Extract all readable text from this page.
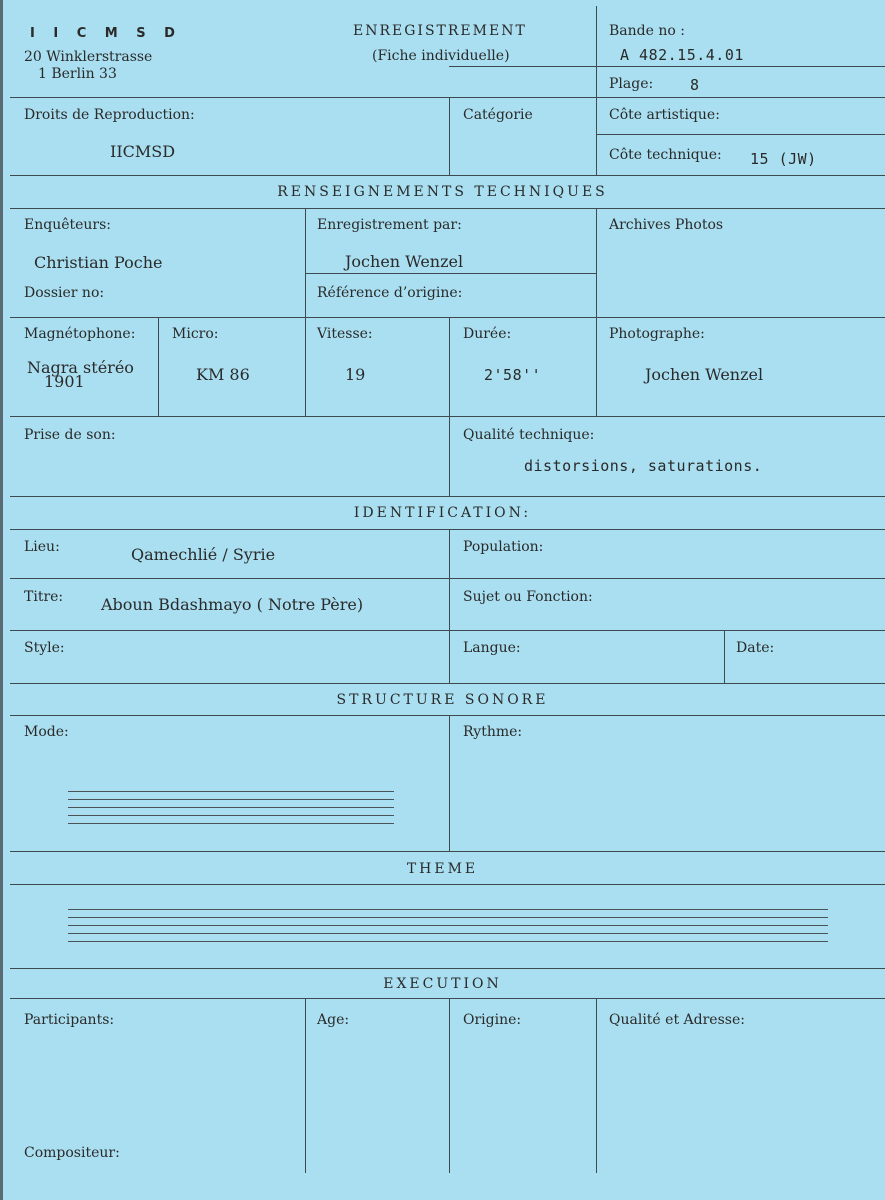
I I C M S D
20 Winklerstrasse
1 Berlin 33
ENREGISTREMENT
(Fiche individuelle)
Bande no :
A 482.15.4.01
Plage: 8
Droits de Reproduction:
IICMSD
Catégorie	Côte artistique:
Côte technique: 15 (JW)
RENSEIGNEMENTS TECHNIQUES
Enquêteurs:
Christian Poche
Dossier no:
Enregistrement par:
Jochen Wenzel
Référence d’origine:
Archives Photos
Magnétophone:
Nagra stéréo
1901
Micro:
KM 86
Vitesse:
19
Durée:
2'58''
Photographe:
Jochen Wenzel
Prise de son:	Qualité technique:
distorsions, saturations.
IDENTIFICATION:
Lieu:	Qamechlié / Syrie	Population:
Titre: Aboun Bdashmayo ( Notre Père)	Sujet ou Fonction:
Style:	Langue:	Date:
STRUCTURE SONORE
Mode:	Rythme:
THEME
EXECUTION
Participants:	Age:	Origine:	Qualité et Adresse:
Compositeur:
